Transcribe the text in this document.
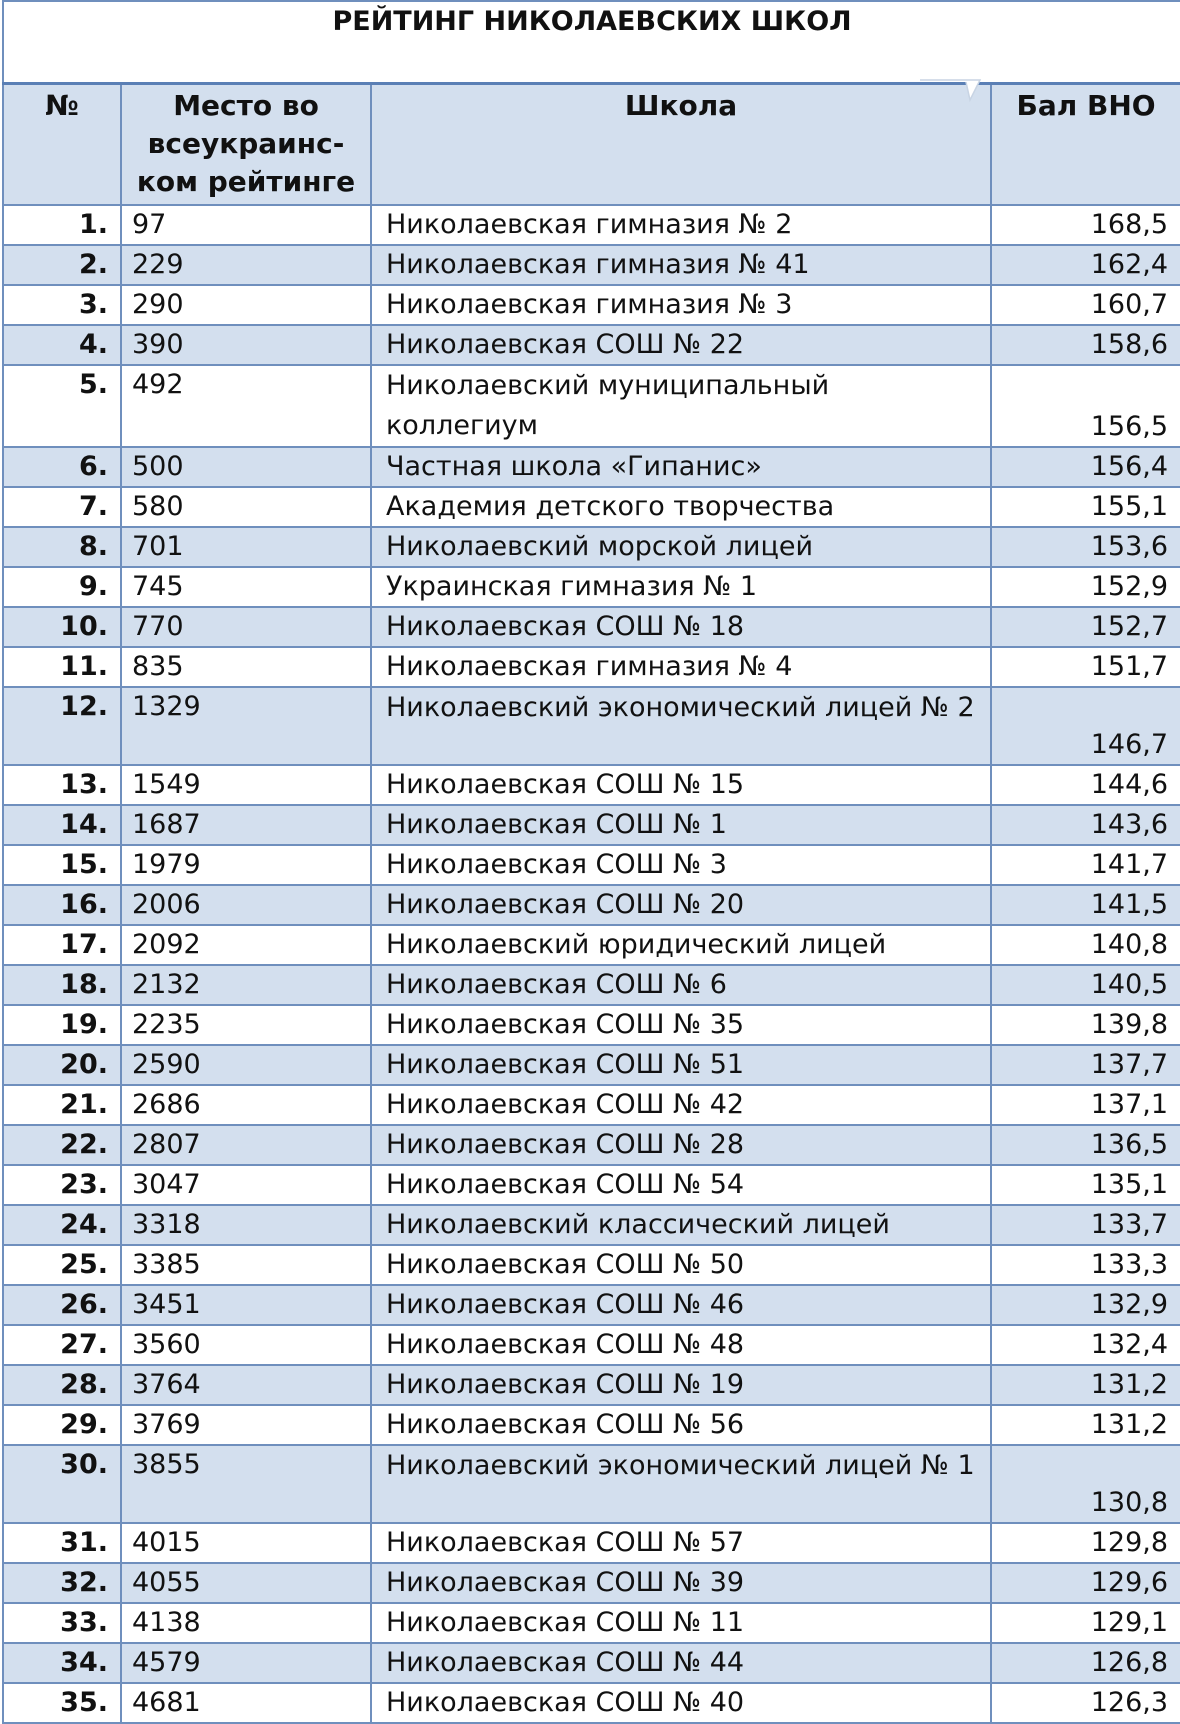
РЕЙТИНГ НИКОЛАЕВСКИХ ШКОЛ			
№	Место во всеукраинс-ком рейтинге	Школа	Бал ВНО
1.	97	Николаевская гимназия № 2	168,5
2.	229	Николаевская гимназия № 41	162,4
3.	290	Николаевская гимназия № 3	160,7
4.	390	Николаевская СОШ № 22	158,6
5.	492	Николаевский муниципальный коллегиум	156,5
6.	500	Частная школа «Гипанис»	156,4
7.	580	Академия детского творчества	155,1
8.	701	Николаевский морской лицей	153,6
9.	745	Украинская гимназия № 1	152,9
10.	770	Николаевская СОШ № 18	152,7
11.	835	Николаевская гимназия № 4	151,7
12.	1329	Николаевский экономический лицей № 2	146,7
13.	1549	Николаевская СОШ № 15	144,6
14.	1687	Николаевская СОШ № 1	143,6
15.	1979	Николаевская СОШ № 3	141,7
16.	2006	Николаевская СОШ № 20	141,5
17.	2092	Николаевский юридический лицей	140,8
18.	2132	Николаевская СОШ № 6	140,5
19.	2235	Николаевская СОШ № 35	139,8
20.	2590	Николаевская СОШ № 51	137,7
21.	2686	Николаевская СОШ № 42	137,1
22.	2807	Николаевская СОШ № 28	136,5
23.	3047	Николаевская СОШ № 54	135,1
24.	3318	Николаевский классический лицей	133,7
25.	3385	Николаевская СОШ № 50	133,3
26.	3451	Николаевская СОШ № 46	132,9
27.	3560	Николаевская СОШ № 48	132,4
28.	3764	Николаевская СОШ № 19	131,2
29.	3769	Николаевская СОШ № 56	131,2
30.	3855	Николаевский экономический лицей № 1	130,8
31.	4015	Николаевская СОШ № 57	129,8
32.	4055	Николаевская СОШ № 39	129,6
33.	4138	Николаевская СОШ № 11	129,1
34.	4579	Николаевская СОШ № 44	126,8
35.	4681	Николаевская СОШ № 40	126,3
